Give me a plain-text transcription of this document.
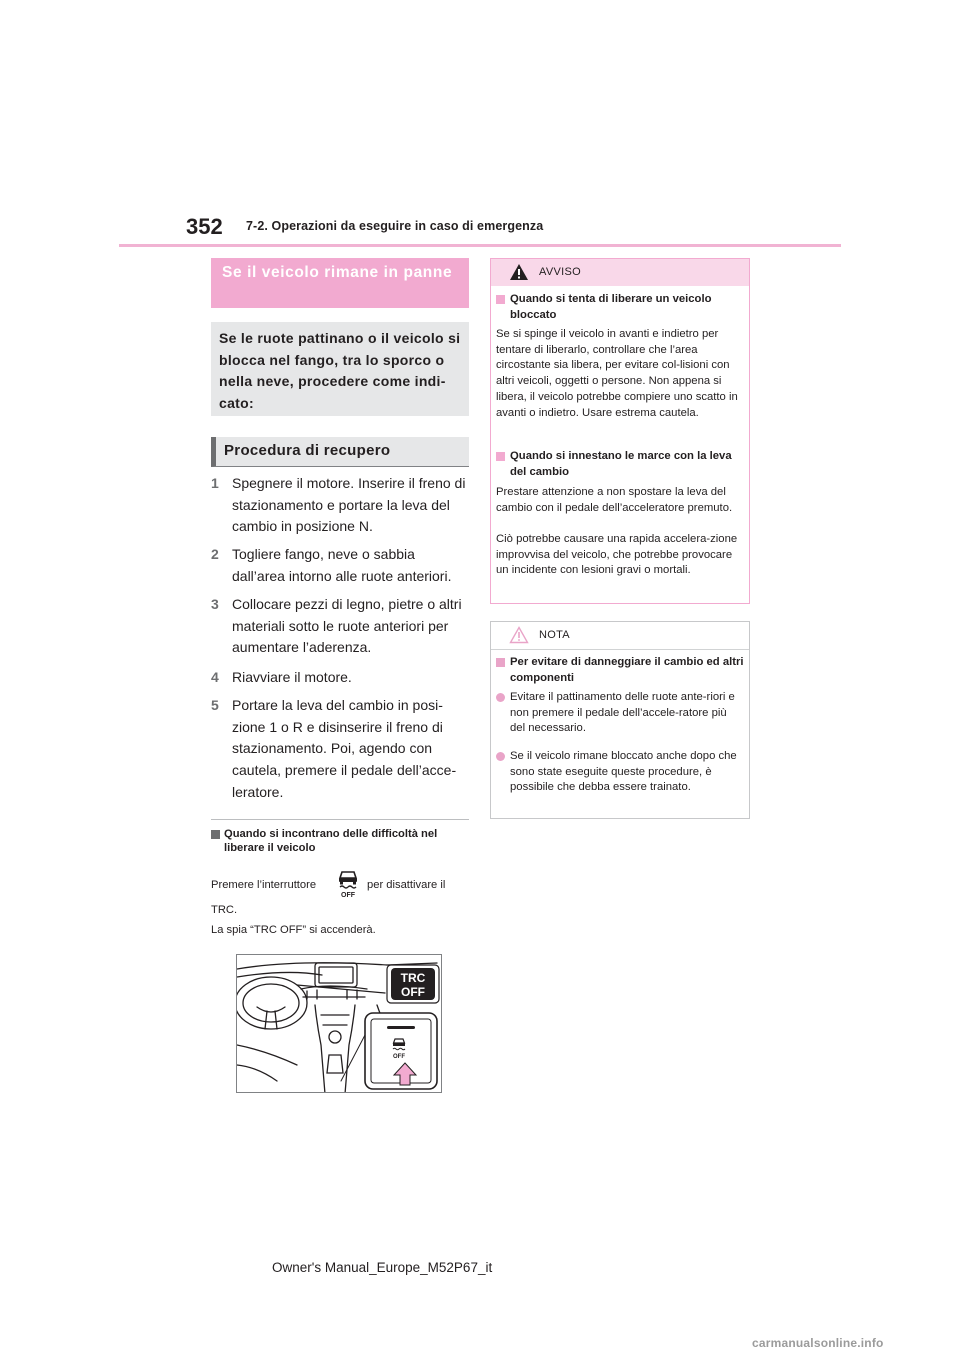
352 7-2. Operazioni da eseguire in caso di emergenza
Se il veicolo rimane in panne
Se le ruote pattinano o il veicolo si blocca nel fango, tra lo sporco o nella neve, procedere come indi-cato:
Procedura di recupero
1 Spegnere il motore. Inserire il freno di stazionamento e portare la leva del cambio in posizione N.
2 Togliere fango, neve o sabbia dall’area intorno alle ruote anteriori.
3 Collocare pezzi di legno, pietre o altri materiali sotto le ruote anteriori per aumentare l’aderenza.
4 Riavviare il motore.
5 Portare la leva del cambio in posi-zione 1 o R e disinserire il freno di stazionamento. Poi, agendo con cautela, premere il pedale dell’acce-leratore.
Quando si incontrano delle difficoltà nel liberare il veicolo
Premere l’interruttore
OFF
per disattivare il
TRC.
La spia “TRC OFF” si accenderà.
TRC
OFF
OFF
AVVISO
Quando si tenta di liberare un veicolo bloccato
Se si spinge il veicolo in avanti e indietro per tentare di liberarlo, controllare che l’area circostante sia libera, per evitare col-lisioni con altri veicoli, oggetti o persone. Non appena si libera, il veicolo potrebbe compiere uno scatto in avanti o indietro. Usare estrema cautela.
Quando si innestano le marce con la leva del cambio
Prestare attenzione a non spostare la leva del cambio con il pedale dell’acceleratore premuto.
Ciò potrebbe causare una rapida accelera-zione improvvisa del veicolo, che potrebbe provocare un incidente con lesioni gravi o mortali.
NOTA
Per evitare di danneggiare il cambio ed altri componenti
Evitare il pattinamento delle ruote ante-riori e non premere il pedale dell’accele-ratore più del necessario.
Se il veicolo rimane bloccato anche dopo che sono state eseguite queste procedure, è possibile che debba essere trainato.
Owner's Manual_Europe_M52P67_it
carmanualsonline.info
